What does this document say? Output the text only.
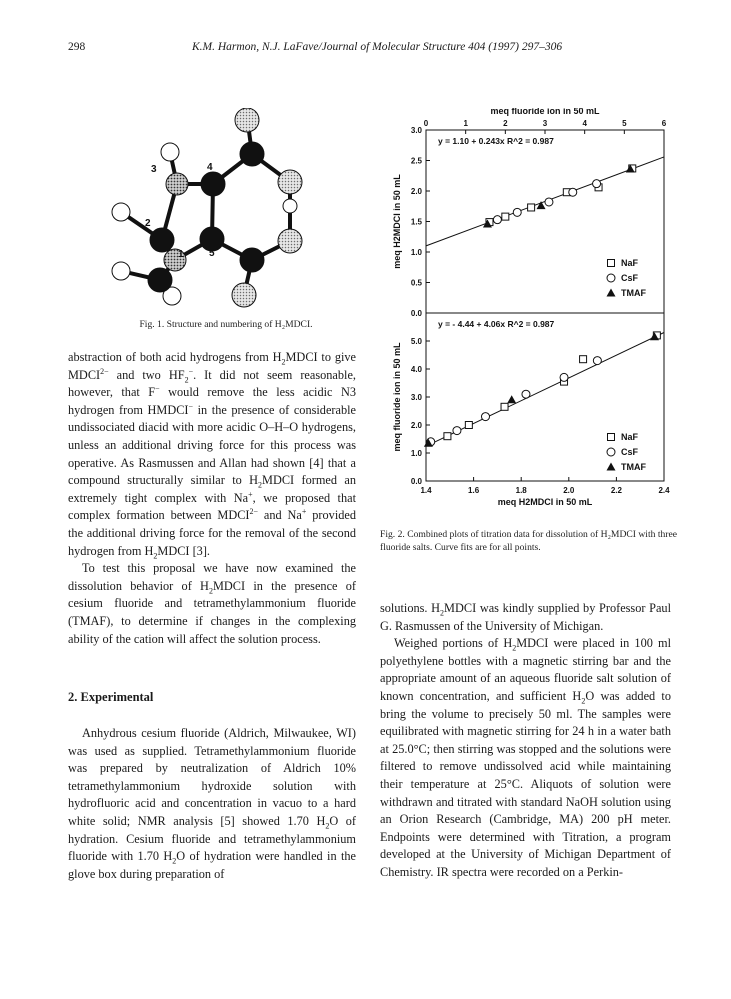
298	K.M. Harmon, N.J. LaFave/Journal of Molecular Structure 404 (1997) 297–306
3	4
2
5
1
Fig. 1. Structure and numbering of H₂MDCI.
0.0
0.5
1.0
1.5
2.0
2.5
3.0
meq H2MDCI in 50 mL
0	1	2	3	4	5	6
meq fluoride ion in 50 mL
y = 1.10 + 0.243x R^2 = 0.987
NaF
CsF
TMAF
0.0
1.0
2.0
3.0
4.0
5.0
meq fluoride ion in 50 mL
1.4	1.6	1.8	2.0	2.2	2.4
meq H2MDCI in 50 mL
y = - 4.44 + 4.06x R^2 = 0.987
NaF
CsF
TMAF
Fig. 2. Combined plots of titration data for dissolution of H₂MDCI with three fluoride salts. Curve fits are for all points.

abstraction of both acid hydrogens from $H_2MDCI$ to give $MDCI^{2-}$ and two $HF_2^-$. It did not seem reasonable, however, that F− would remove the less acidic N3 hydrogen from HMDCI− in the presence of considerable undissociated diacid with more acidic O–H–O hydrogens, unless an additional driving force for this process was operative. As Rasmussen and Allan had shown [4] that a compound structurally similar to $H_2MDCI$ formed an extremely tight complex with Na+, we proposed that complex formation between $MDCI^{2-}$ and Na+ provided the additional driving force for the removal of the second hydrogen from $H_2MDCI$ [3].

To test this proposal we have now examined the dissolution behavior of $H_2MDCI$ in the presence of cesium fluoride and tetramethylammonium fluoride (TMAF), to determine if changes in the complexing ability of the cation will affect the solution process.

2. Experimental

Anhydrous cesium fluoride (Aldrich, Milwaukee, WI) was used as supplied. Tetramethylammonium fluoride was prepared by neutralization of Aldrich 10% tetramethylammonium hydroxide solution with hydrofluoric acid and concentration in vacuo to a hard white solid; NMR analysis [5] showed 1.70 $H_2O$ of hydration. Cesium fluoride and tetramethylammonium fluoride with 1.70 $H_2O$ of hydration were handled in the glove box during preparation of

solutions. $H_2MDCI$ was kindly supplied by Professor Paul G. Rasmussen of the University of Michigan.

Weighed portions of $H_2MDCI$ were placed in 100 ml polyethylene bottles with a magnetic stirring bar and the appropriate amount of an aqueous fluoride salt solution of known concentration, and sufficient $H_2O$ was added to bring the volume to precisely 50 ml. The samples were equilibrated with magnetic stirring for 24 h in a water bath at 25.0°C; then stirring was stopped and the solutions were filtered to remove undissolved acid while maintaining their temperature at 25°C. Aliquots of solution were withdrawn and titrated with standard NaOH solution using an Orion Research (Cambridge, MA) 200 pH meter. Endpoints were determined with Titration, a program developed at the University of Michigan Department of Chemistry. IR spectra were recorded on a Perkin-
